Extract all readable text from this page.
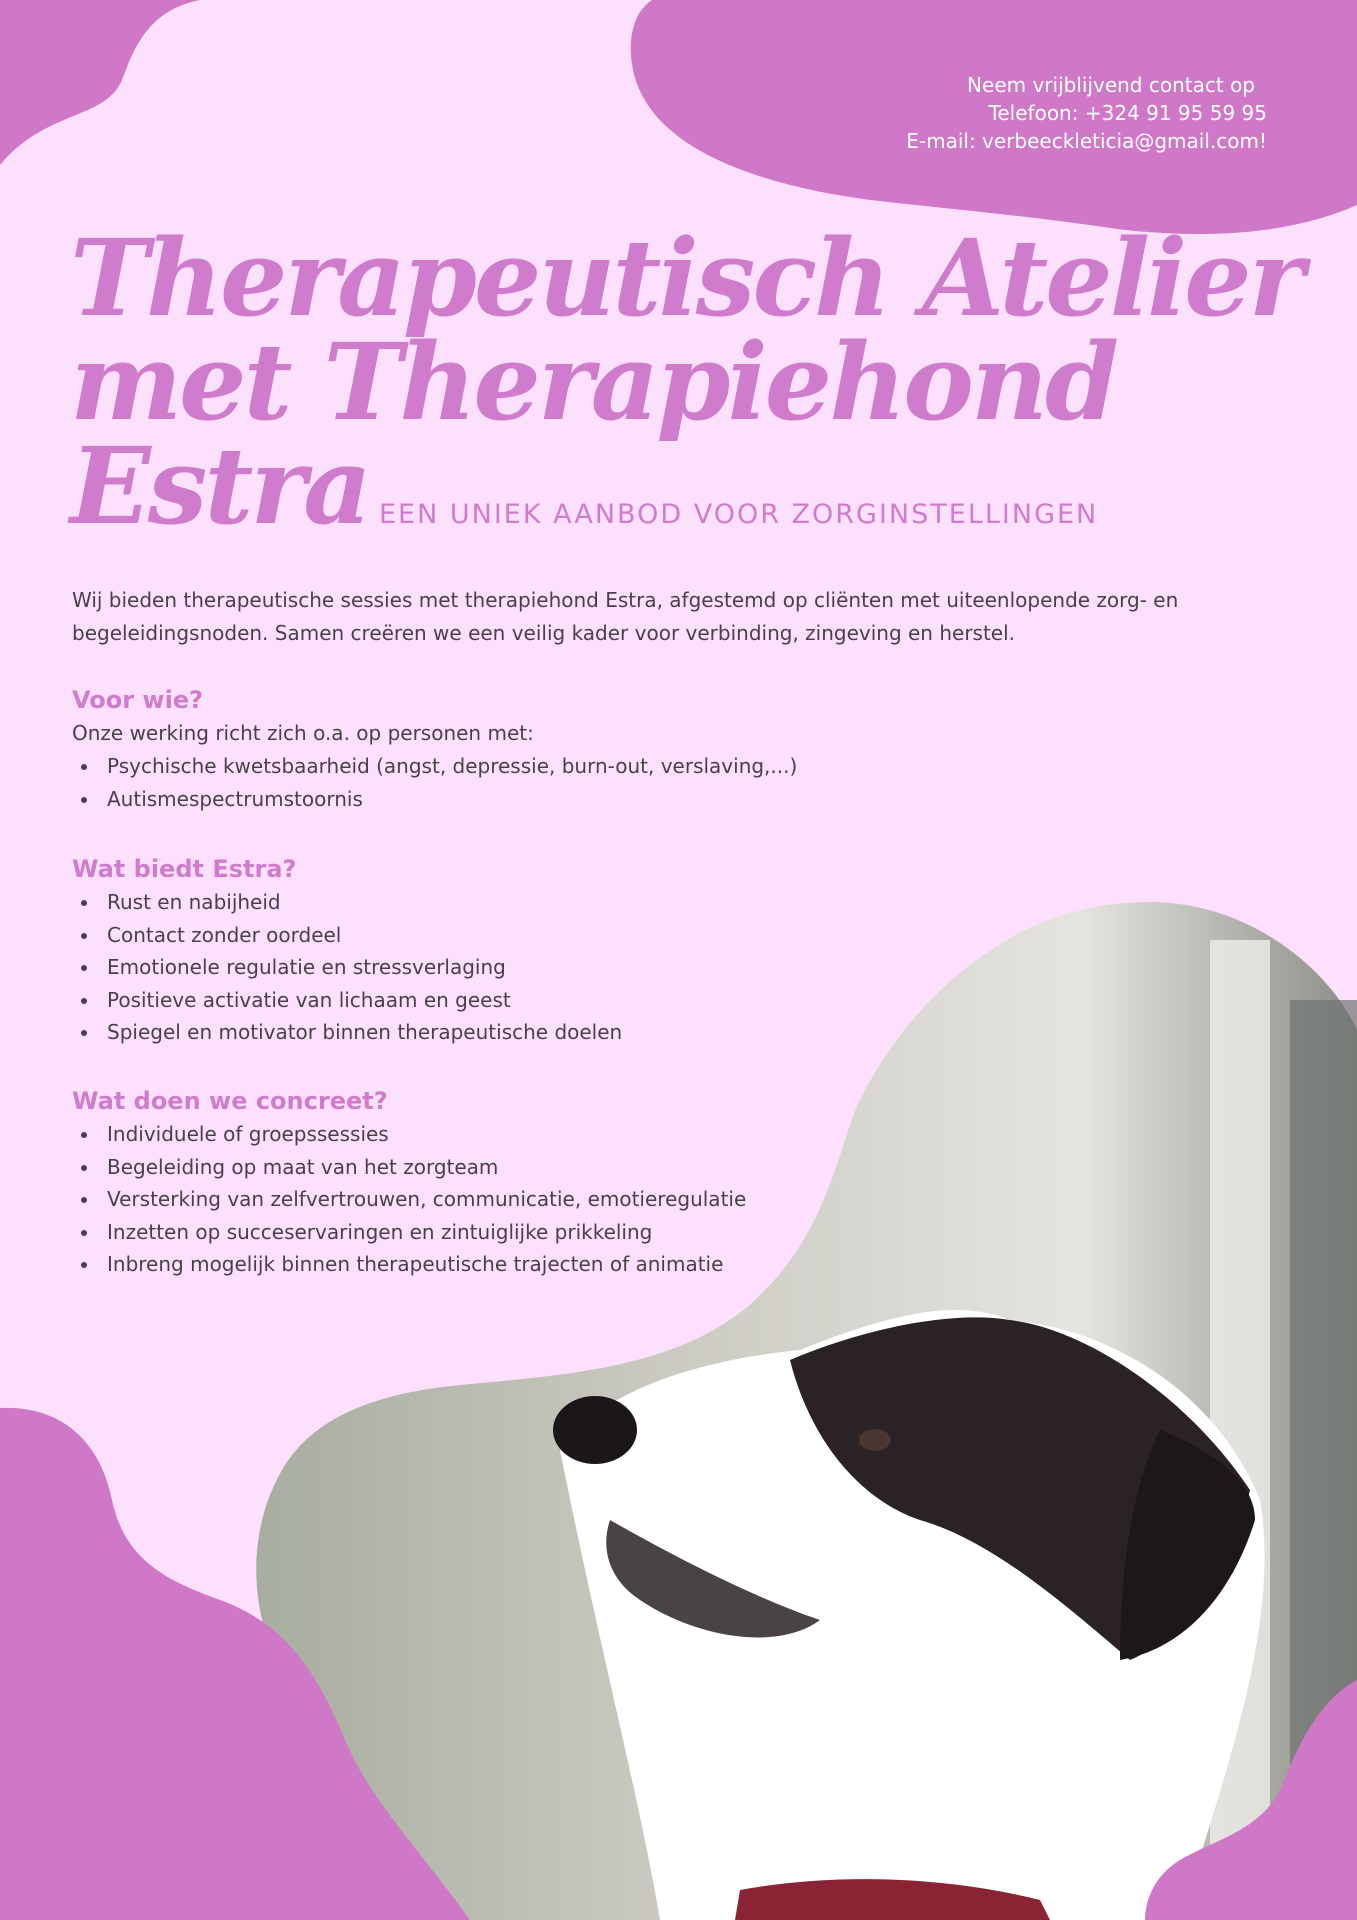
Neem vrijblijvend contact op
Telefoon: +324 91 95 59 95
E-mail: verbeeckleticia@gmail.com!
Therapeutisch Atelier
met Therapiehond
Estra EEN UNIEK AANBOD VOOR ZORGINSTELLINGEN

Wij bieden therapeutische sessies met therapiehond Estra, afgestemd op cliënten met uiteenlopende zorg- en begeleidingsnoden. Samen creëren we een veilig kader voor verbinding, zingeving en herstel.

Voor wie?

Onze werking richt zich o.a. op personen met:

Psychische kwetsbaarheid (angst, depressie, burn-out, verslaving,...)
Autismespectrumstoornis
Wat biedt Estra?
Rust en nabijheid
Contact zonder oordeel
Emotionele regulatie en stressverlaging
Positieve activatie van lichaam en geest
Spiegel en motivator binnen therapeutische doelen
Wat doen we concreet?
Individuele of groepssessies
Begeleiding op maat van het zorgteam
Versterking van zelfvertrouwen, communicatie, emotieregulatie
Inzetten op succeservaringen en zintuiglijke prikkeling
Inbreng mogelijk binnen therapeutische trajecten of animatie
